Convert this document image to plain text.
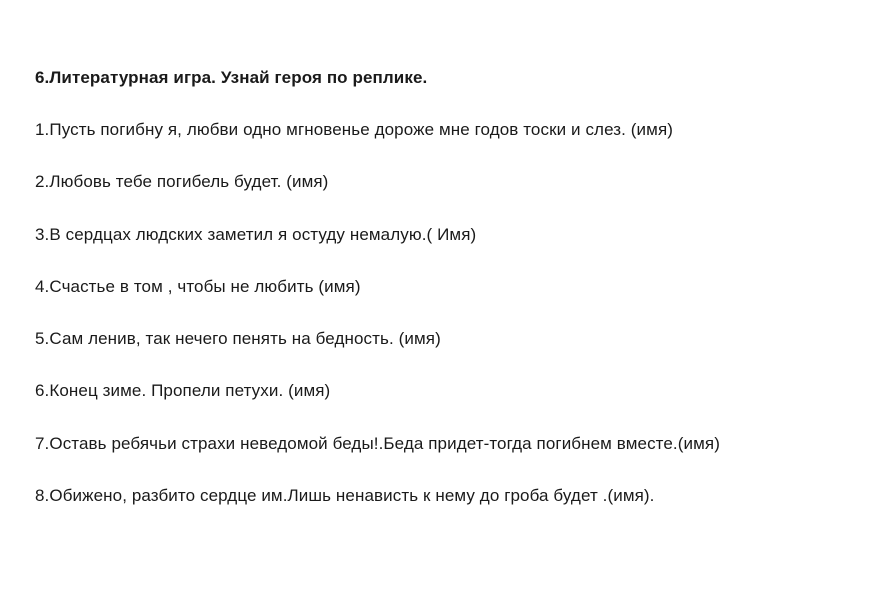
6.Литературная игра. Узнай героя по реплике.
1.Пусть погибну я, любви одно мгновенье дороже мне годов тоски и слез. (имя)
2.Любовь тебе погибель будет. (имя)
3.В сердцах людских заметил я остуду немалую.( Имя)
4.Счастье в том , чтобы не любить (имя)
5.Сам ленив, так нечего пенять на бедность. (имя)
6.Конец зиме. Пропели петухи. (имя)
7.Оставь ребячьи страхи неведомой беды!.Беда придет-тогда погибнем вместе.(имя)
8.Обижено, разбито сердце им.Лишь ненависть к нему до гроба будет .(имя).
